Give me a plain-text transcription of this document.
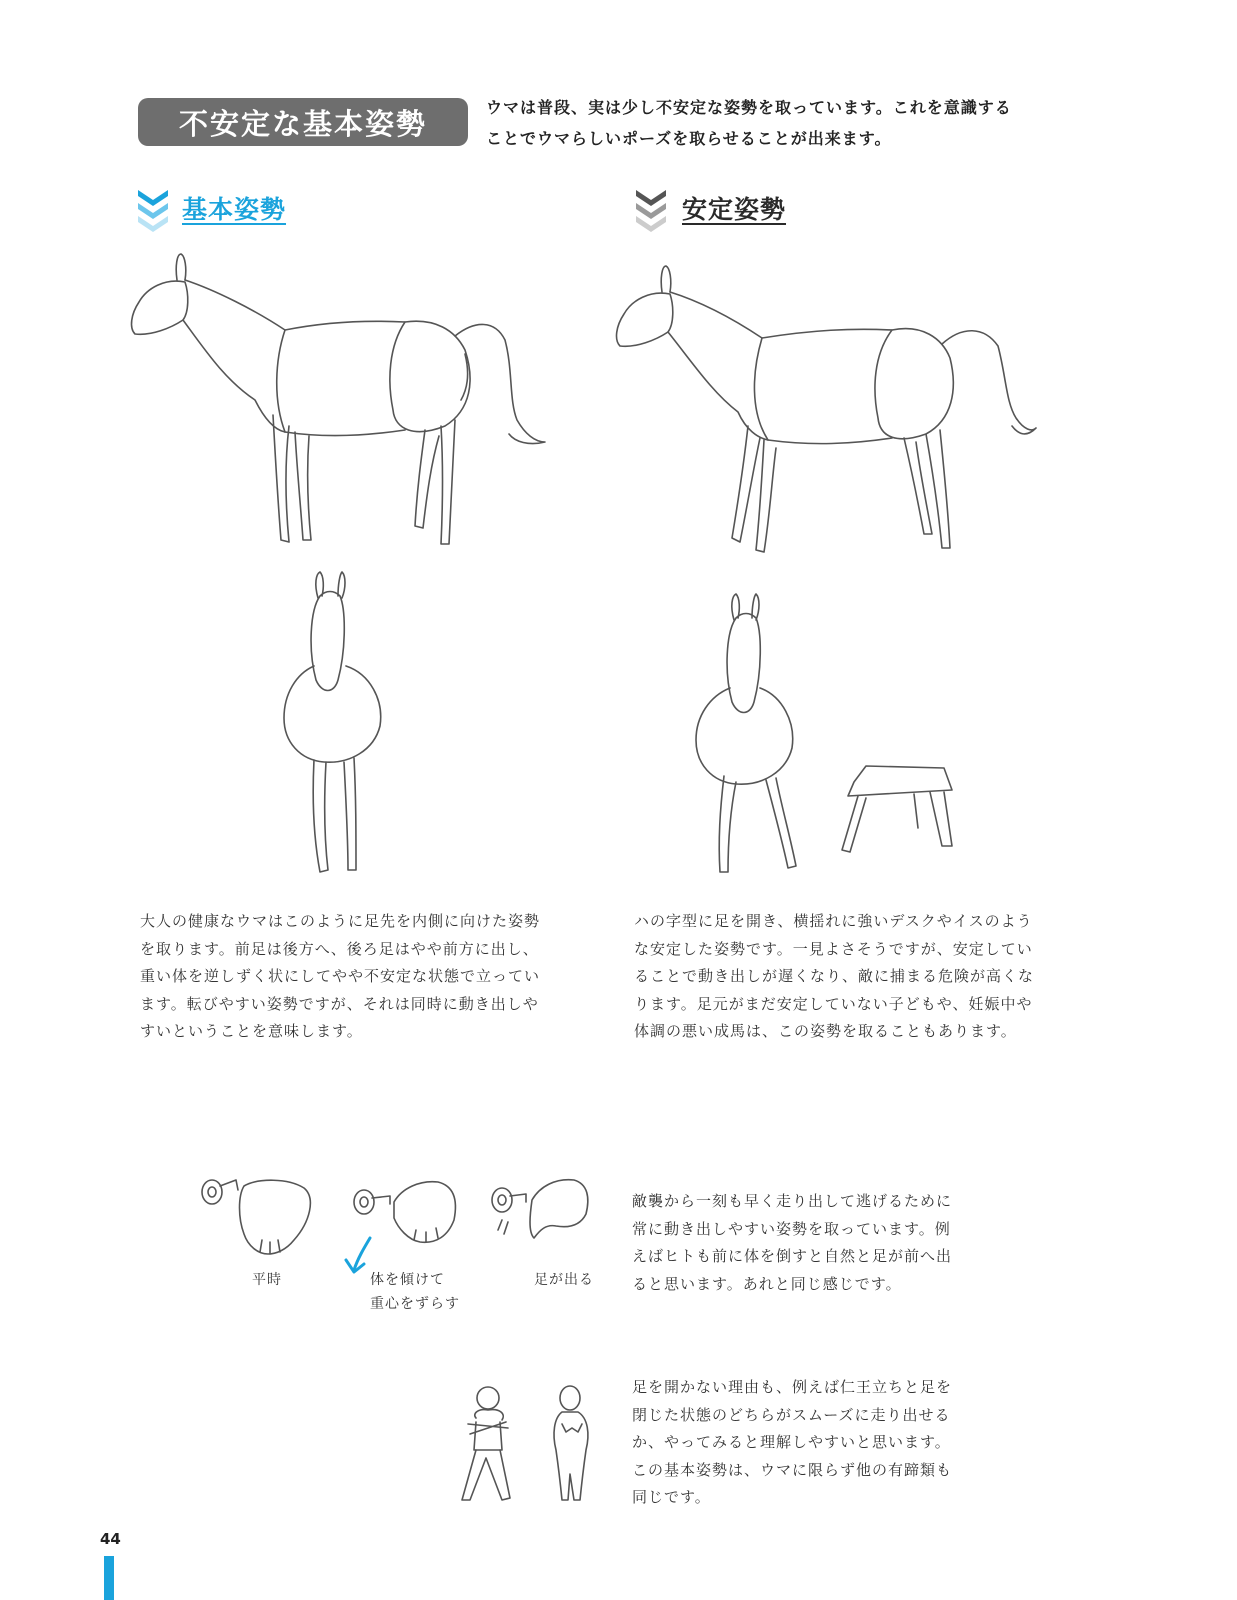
不安定な基本姿勢	ウマは普段、実は少し不安定な姿勢を取っています。これを意識する
ことでウマらしいポーズを取らせることが出来ます。
基本姿勢	安定姿勢
大人の健康なウマはこのように足先を内側に向けた姿勢
を取ります。前足は後方へ、後ろ足はやや前方に出し、
重い体を逆しずく状にしてやや不安定な状態で立ってい
ます。転びやすい姿勢ですが、それは同時に動き出しや
すいということを意味します。
ハの字型に足を開き、横揺れに強いデスクやイスのよう
な安定した姿勢です。一見よさそうですが、安定してい
ることで動き出しが遅くなり、敵に捕まる危険が高くな
ります。足元がまだ安定していない子どもや、妊娠中や
体調の悪い成馬は、この姿勢を取ることもあります。
平時	体を傾けて
重心をずらす
足が出る
敵襲から一刻も早く走り出して逃げるために
常に動き出しやすい姿勢を取っています。例
えばヒトも前に体を倒すと自然と足が前へ出
ると思います。あれと同じ感じです。
足を開かない理由も、例えば仁王立ちと足を
閉じた状態のどちらがスムーズに走り出せる
か、やってみると理解しやすいと思います。
この基本姿勢は、ウマに限らず他の有蹄類も
同じです。
44
